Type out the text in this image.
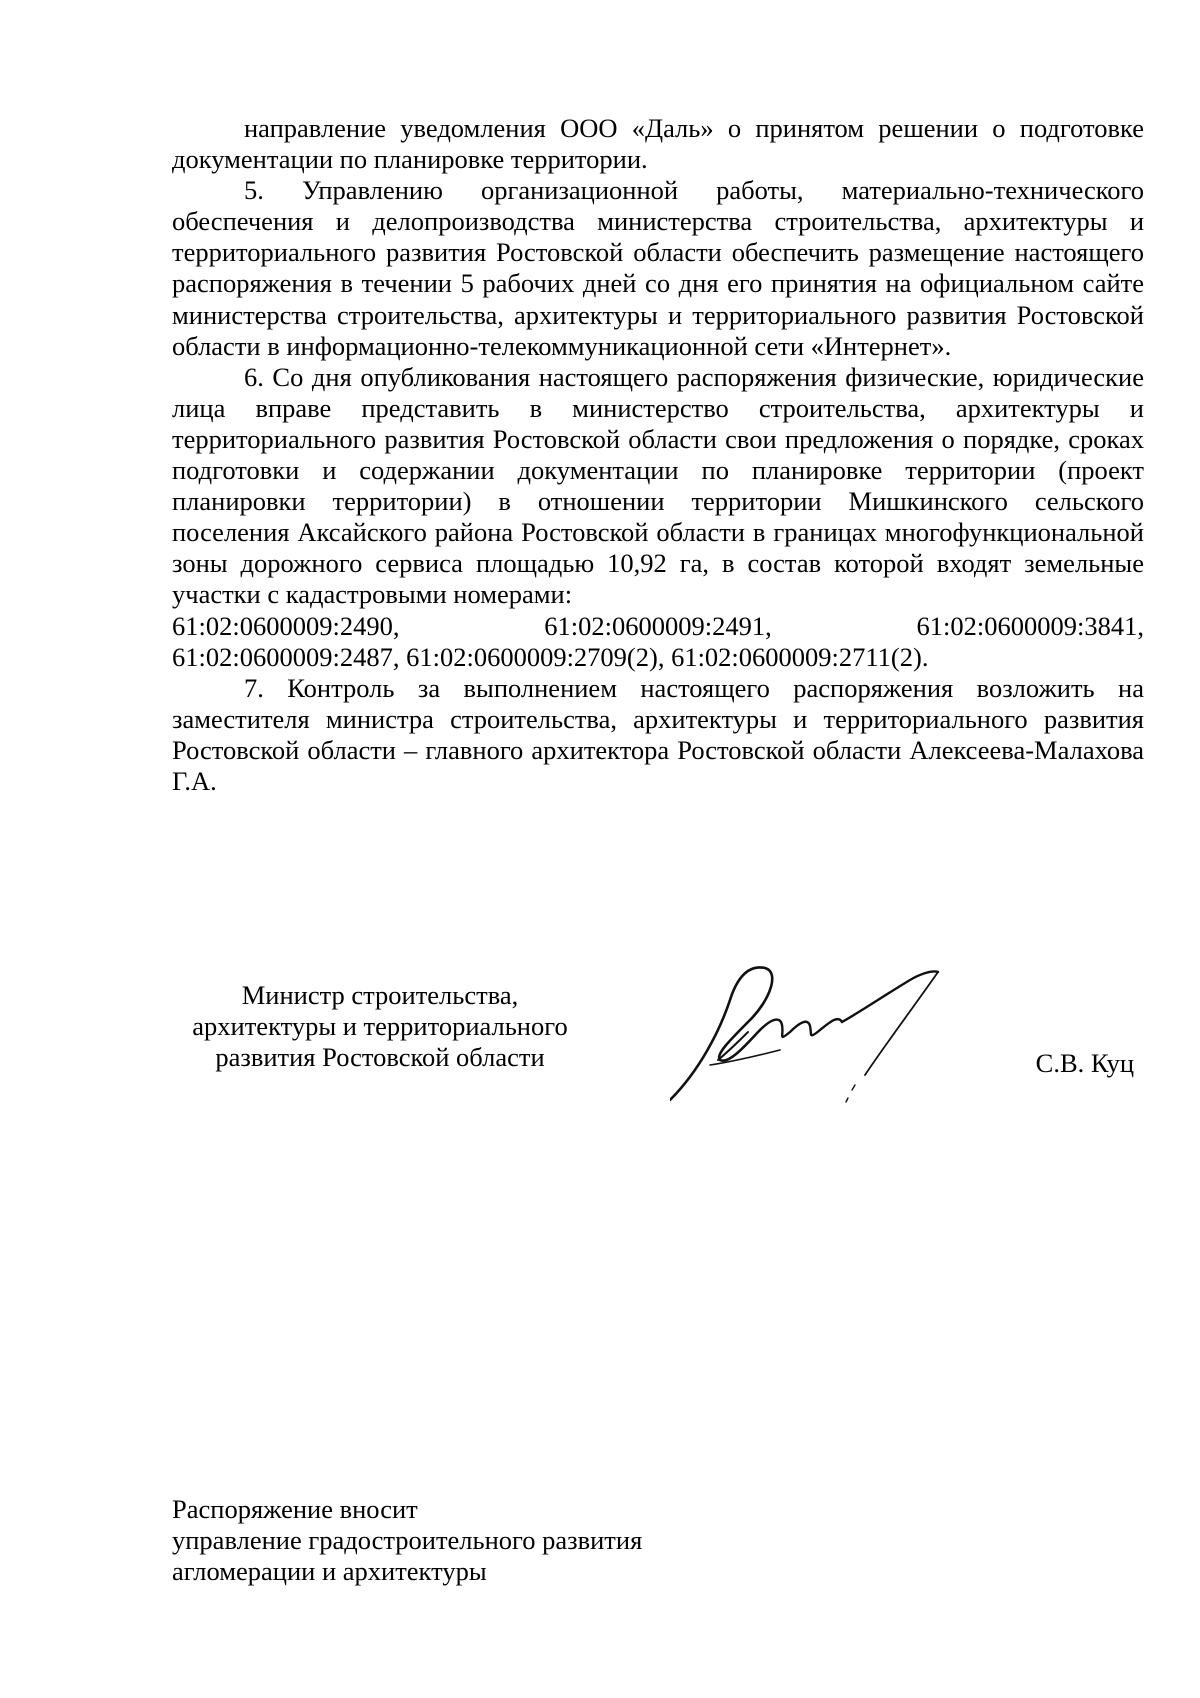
направление уведомления ООО «Даль» о принятом решении о подготовке документации по планировке территории.

5. Управлению организационной работы, материально-технического обеспечения и делопроизводства министерства строительства, архитектуры и территориального развития Ростовской области обеспечить размещение настоящего распоряжения в течении 5 рабочих дней со дня его принятия на официальном сайте министерства строительства, архитектуры и территориального развития Ростовской области в информационно-телекоммуникационной сети «Интернет».

6. Со дня опубликования настоящего распоряжения физические, юридические лица вправе представить в министерство строительства, архитектуры и территориального развития Ростовской области свои предложения о порядке, сроках подготовки и содержании документации по планировке территории (проект планировки территории) в отношении территории Мишкинского сельского поселения Аксайского района Ростовской области в границах многофункциональной зоны дорожного сервиса площадью 10,92 га, в состав которой входят земельные участки с кадастровыми номерами:

61:02:0600009:2490,	61:02:0600009:2491,	61:02:0600009:3841,
61:02:0600009:2487, 61:02:0600009:2709(2), 61:02:0600009:2711(2).

7. Контроль за выполнением настоящего распоряжения возложить на заместителя министра строительства, архитектуры и территориального развития Ростовской области – главного архитектора Ростовской области Алексеева-Малахова Г.А.

Министр строительства,
архитектуры и территориального
развития Ростовской области	С.В. Куц
Распоряжение вносит
управление градостроительного развития
агломерации и архитектуры
